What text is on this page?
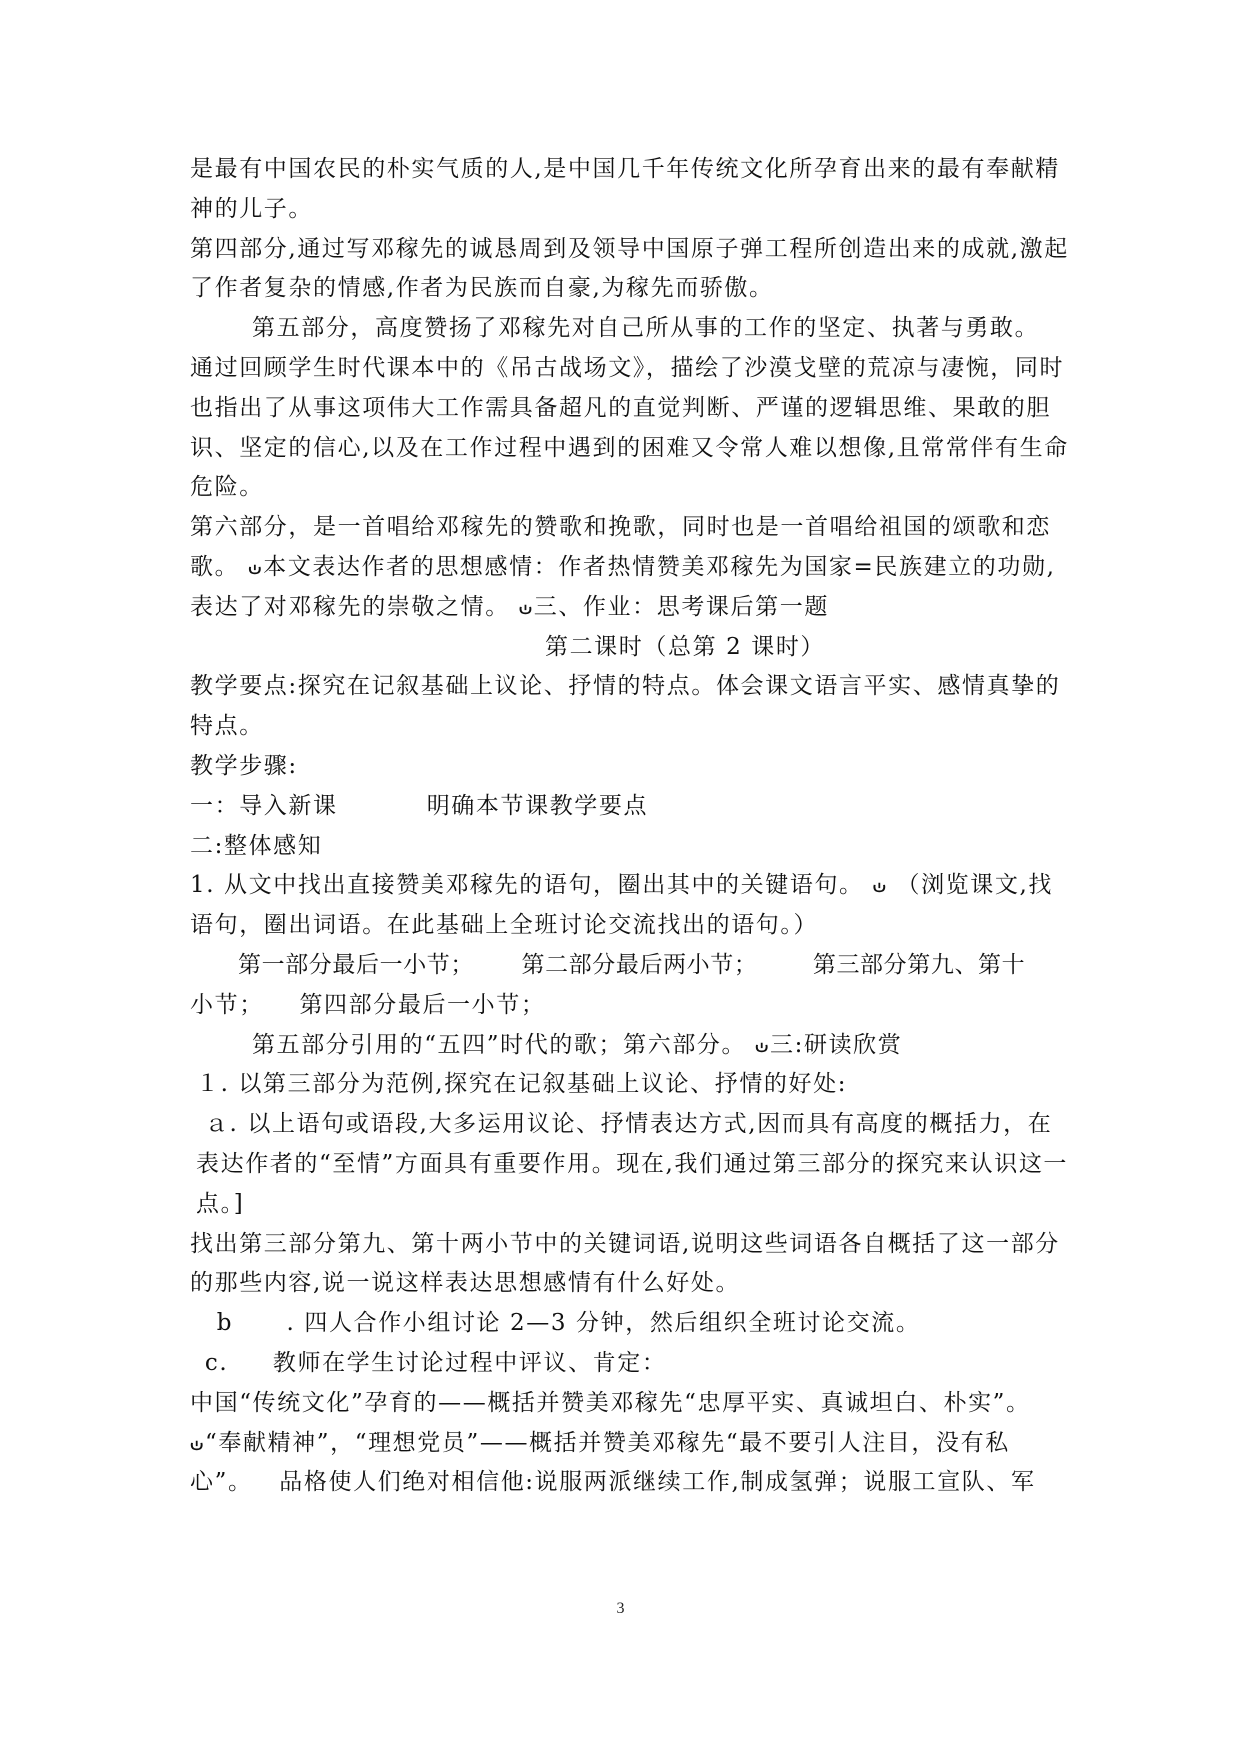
是最有中国农民的朴实气质的人,是中国几千年传统文化所孕育出来的最有奉献精神的儿子。

第四部分,通过写邓稼先的诚恳周到及领导中国原子弹工程所创造出来的成就,激起了作者复杂的情感,作者为民族而自豪,为稼先而骄傲。

第五部分，高度赞扬了邓稼先对自己所从事的工作的坚定、执著与勇敢。

通过回顾学生时代课本中的《吊古战场文》，描绘了沙漠戈壁的荒凉与凄惋，同时也指出了从事这项伟大工作需具备超凡的直觉判断、严谨的逻辑思维、果敢的胆识、坚定的信心,以及在工作过程中遇到的困难又令常人难以想像,且常常伴有生命危险。

第六部分，是一首唱给邓稼先的赞歌和挽歌，同时也是一首唱给祖国的颂歌和恋歌。 ﻿ഄ本文表达作者的思想感情：作者热情赞美邓稼先为国家=民族建立的功勋,表达了对邓稼先的崇敬之情。 ഄ三、作业：思考课后第一题

第二课时（总第 2 课时）

教学要点:探究在记叙基础上议论、抒情的特点。体会课文语言平实、感情真挚的特点。

教学步骤:

一：导入新课          明确本节课教学要点

二:整体感知

1. 从文中找出直接赞美邓稼先的语句，圈出其中的关键语句。 ഄ （浏览课文,找语句，圈出词语。在此基础上全班讨论交流找出的语句。）

第一部分最后一小节；      第二部分最后两小节；       第三部分第九、第十

小节；    第四部分最后一小节；

第五部分引用的“五四”时代的歌；第六部分。 ഄ三:研读欣赏

１. 以第三部分为范例,探究在记叙基础上议论、抒情的好处:

ａ. 以上语句或语段,大多运用议论、抒情表达方式,因而具有高度的概括力，在表达作者的“至情”方面具有重要作用。现在,我们通过第三部分的探究来认识这一点。]

找出第三部分第九、第十两小节中的关键词语,说明这些词语各自概括了这一部分的那些内容,说一说这样表达思想感情有什么好处。

b      . 四人合作小组讨论 2—3 分钟，然后组织全班讨论交流。

c.     教师在学生讨论过程中评议、肯定：

中国“传统文化”孕育的——概括并赞美邓稼先“忠厚平实、真诚坦白、朴实”。ഄ“奉献精神”，“理想党员”——概括并赞美邓稼先“最不要引人注目，没有私心”。   品格使人们绝对相信他:说服两派继续工作,制成氢弹；说服工宣队、军

3
